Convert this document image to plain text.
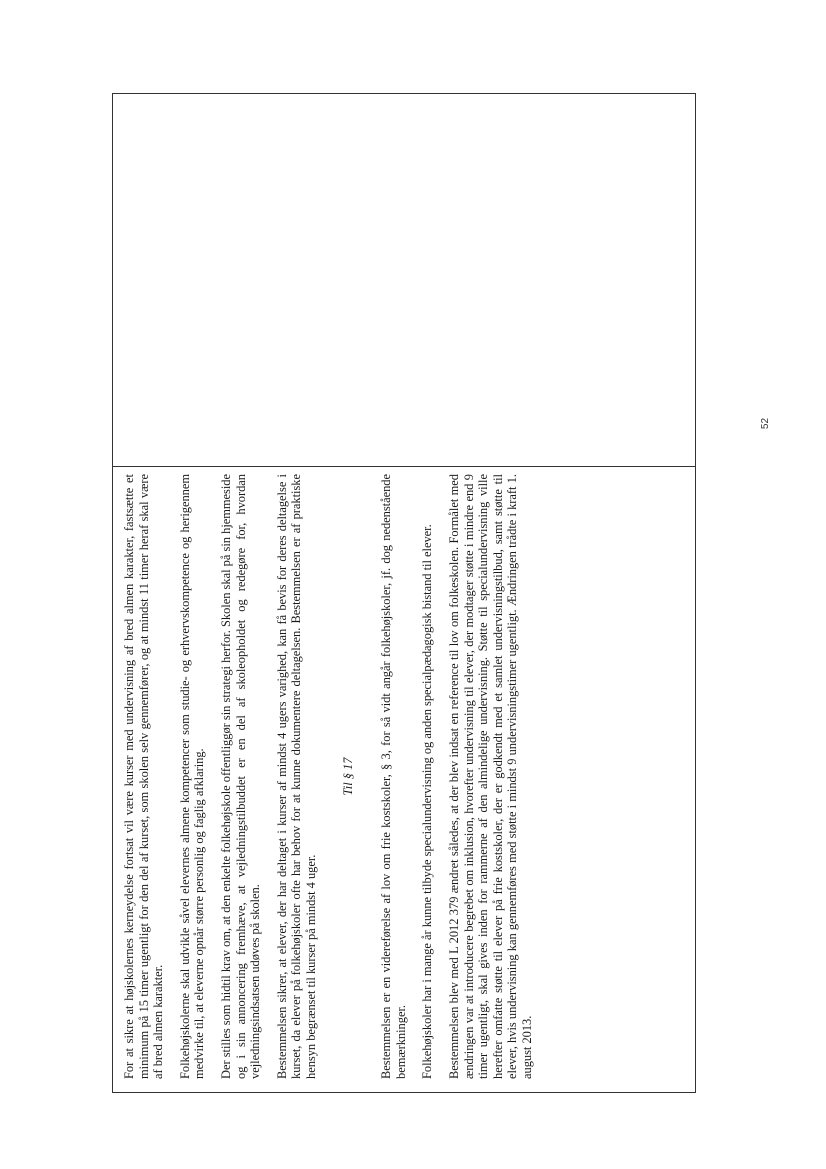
For at sikre at højskolernes kerneydelse fortsat vil være kurser med undervisning af bred almen karakter, fastsætte et minimum på 15 timer ugentligt for den del af kurset, som skolen selv gennemfører, og at mindst 11 timer heraf skal være af bred almen karakter. Folkehøjskolerne skal udvikle såvel elevernes almene kompetencer som studie- og erhvervskompetence og herigennem medvirke til, at eleverne opnår større personlig og faglig afklaring. Der stilles som hidtil krav om, at den enkelte folkehøjskole offentliggør sin strategi herfor. Skolen skal på sin hjemmeside og i sin annoncering fremhæve, at vejledningstilbuddet er en del af skoleopholdet og redegøre for, hvordan vejledningsindsatsen udøves på skolen. Bestemmelsen sikrer, at elever, der har deltaget i kurser af mindst 4 ugers varighed, kan få bevis for deres deltagelse i kurset, da elever på folkehøjskoler ofte har behov for at kunne dokumentere deltagelsen. Bestemmelsen er af praktiske hensyn begrænset til kurser på mindst 4 uger.

Til § 17 Bestemmelsen er en videreførelse af lov om frie kostskoler, § 3, for så vidt angår folkehøjskoler, jf. dog nedenstående bemærkninger. Folkehøjskoler har i mange år kunne tilbyde specialundervisning og anden specialpædagogisk bistand til elever. Bestemmelsen blev med L 2012 379 ændret således, at der blev indsat en reference til lov om folkeskolen. Formålet med ændringen var at introducere begrebet om inklusion, hvorefter undervisning til elever, der modtager støtte i mindre end 9 timer ugentligt, skal gives inden for rammerne af den almindelige undervisning. Støtte til specialundervisning ville herefter omfatte støtte til elever på frie kostskoler, der er godkendt med et samlet undervisningstilbud, samt støtte til elever, hvis undervisning kan gennemføres med støtte i mindst 9 undervisningstimer ugentligt. Ændringen trådte i kraft 1. august 2013.

52
